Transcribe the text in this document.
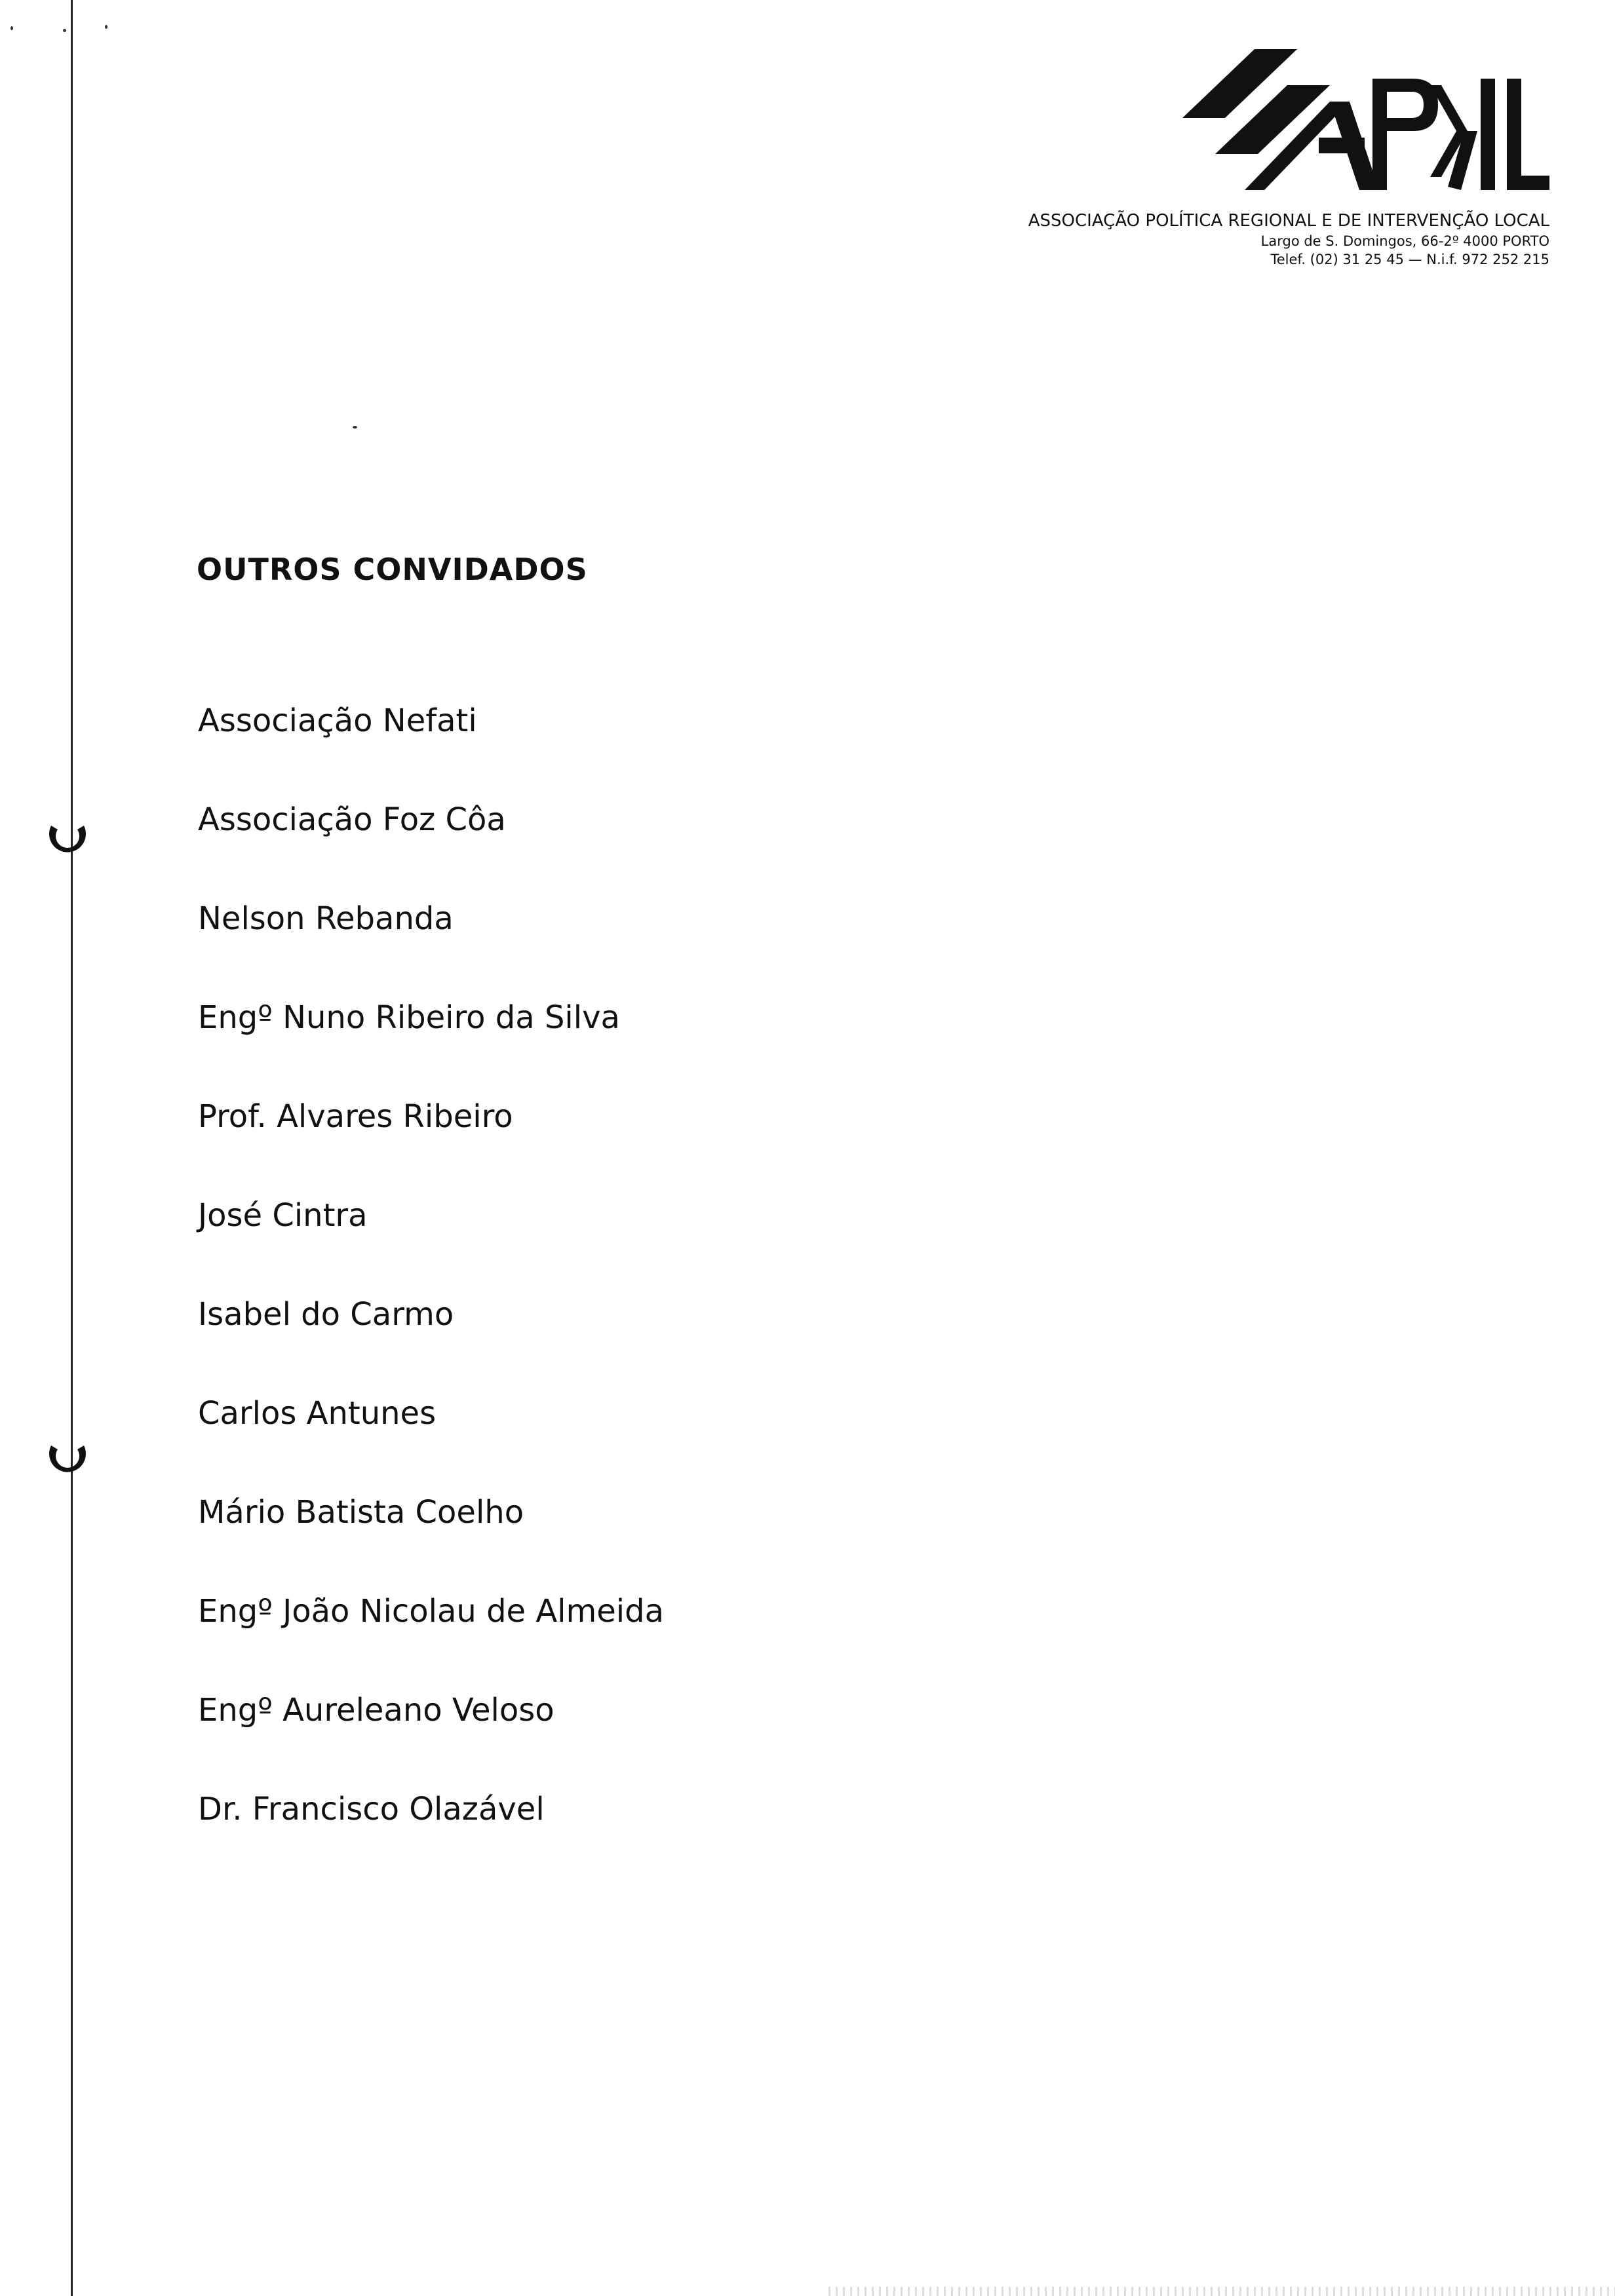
ASSOCIAÇÃO POLÍTICA REGIONAL E DE INTERVENÇÃO LOCAL
Largo de S. Domingos, 66-2º 4000 PORTO
Telef. (02) 31 25 45 — N.i.f. 972 252 215
OUTROS CONVIDADOS
Associação Nefati
Associação Foz Côa
Nelson Rebanda
Engº Nuno Ribeiro da Silva
Prof. Alvares Ribeiro
José Cintra
Isabel do Carmo
Carlos Antunes
Mário Batista Coelho
Engº João Nicolau de Almeida
Engº Aureleano Veloso
Dr. Francisco Olazável
